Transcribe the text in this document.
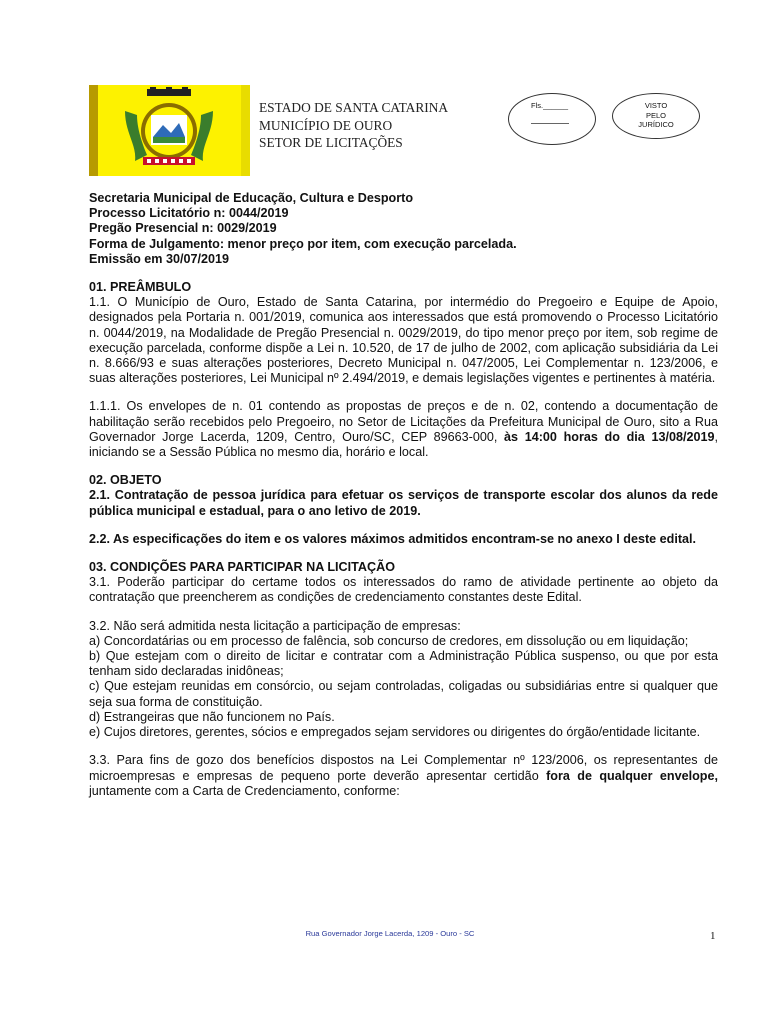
ESTADO DE SANTA CATARINA
MUNICÍPIO DE OURO
SETOR DE LICITAÇÕES
Fls.______	VISTO
PELO
JURÍDICO
Secretaria Municipal de Educação, Cultura e Desporto
Processo Licitatório n: 0044/2019
Pregão Presencial n: 0029/2019
Forma de Julgamento: menor preço por item, com execução parcelada.
Emissão em 30/07/2019
01. PREÂMBULO

1.1. O Município de Ouro, Estado de Santa Catarina, por intermédio do Pregoeiro e Equipe de Apoio, designados pela Portaria n. 001/2019, comunica aos interessados que está promovendo o Processo Licitatório n. 0044/2019, na Modalidade de Pregão Presencial n. 0029/2019, do tipo menor preço por item, sob regime de execução parcelada, conforme dispõe a Lei n. 10.520, de 17 de julho de 2002, com aplicação subsidiária da Lei n. 8.666/93 e suas alterações posteriores, Decreto Municipal n. 047/2005, Lei Complementar n. 123/2006, e suas alterações posteriores, Lei Municipal nº 2.494/2019, e demais legislações vigentes e pertinentes à matéria.

1.1.1. Os envelopes de n. 01 contendo as propostas de preços e de n. 02, contendo a documentação de habilitação serão recebidos pelo Pregoeiro, no Setor de Licitações da Prefeitura Municipal de Ouro, sito a Rua Governador Jorge Lacerda, 1209, Centro, Ouro/SC, CEP 89663-000, às 14:00 horas do dia 13/08/2019, iniciando se a Sessão Pública no mesmo dia, horário e local.

02. OBJETO

2.1. Contratação de pessoa jurídica para efetuar os serviços de transporte escolar dos alunos da rede pública municipal e estadual, para o ano letivo de 2019.

2.2. As especificações do item e os valores máximos admitidos encontram-se no anexo I deste edital.

03. CONDIÇÕES PARA PARTICIPAR NA LICITAÇÃO

3.1. Poderão participar do certame todos os interessados do ramo de atividade pertinente ao objeto da contratação que preencherem as condições de credenciamento constantes deste Edital.

3.2. Não será admitida nesta licitação a participação de empresas:

a) Concordatárias ou em processo de falência, sob concurso de credores, em dissolução ou em liquidação;

b) Que estejam com o direito de licitar e contratar com a Administração Pública suspenso, ou que por esta tenham sido declaradas inidôneas;

c) Que estejam reunidas em consórcio, ou sejam controladas, coligadas ou subsidiárias entre si qualquer que seja sua forma de constituição.

d) Estrangeiras que não funcionem no País.

e) Cujos diretores, gerentes, sócios e empregados sejam servidores ou dirigentes do órgão/entidade licitante.

3.3. Para fins de gozo dos benefícios dispostos na Lei Complementar nº 123/2006, os representantes de microempresas e empresas de pequeno porte deverão apresentar certidão fora de qualquer envelope, juntamente com a Carta de Credenciamento, conforme:

Rua Governador Jorge Lacerda, 1209 - Ouro - SC	1
